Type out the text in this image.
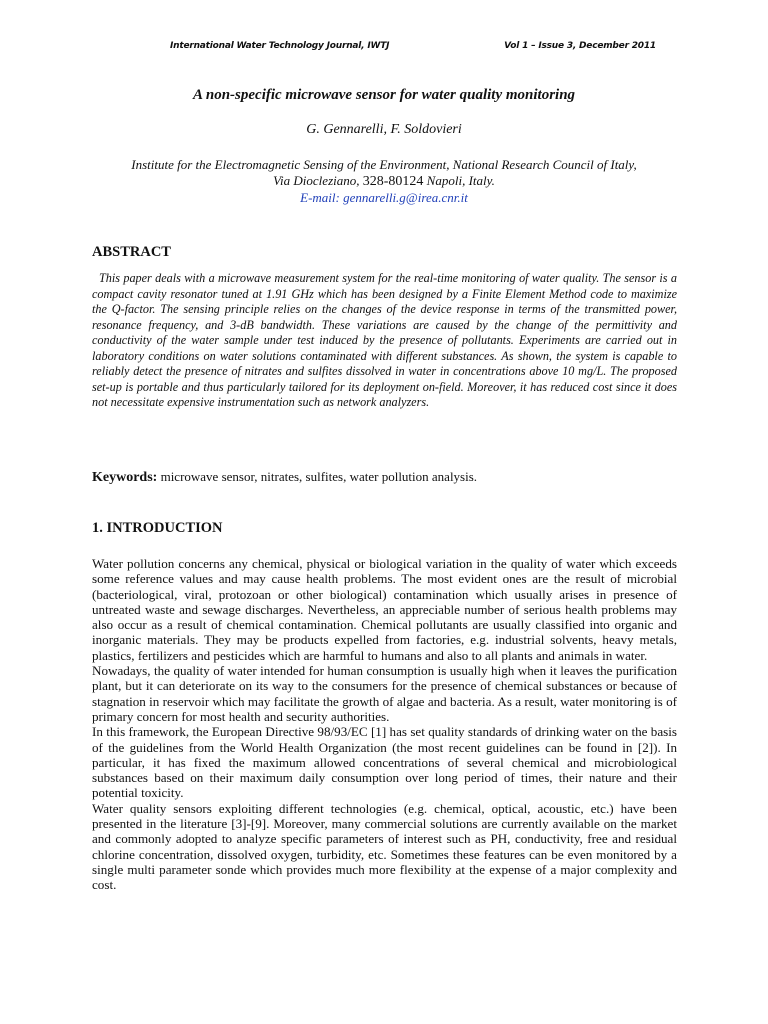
International Water Technology Journal, IWTJ	Vol 1 – Issue 3, December 2011
A non-specific microwave sensor for water quality monitoring
G. Gennarelli, F. Soldovieri
Institute for the Electromagnetic Sensing of the Environment, National Research Council of Italy,
Via Diocleziano, 328-80124 Napoli, Italy.
E-mail: gennarelli.g@irea.cnr.it
ABSTRACT
This paper deals with a microwave measurement system for the real-time monitoring of water quality. The sensor is a compact cavity resonator tuned at 1.91 GHz which has been designed by a Finite Element Method code to maximize the Q-factor. The sensing principle relies on the changes of the device response in terms of the transmitted power, resonance frequency, and 3-dB bandwidth. These variations are caused by the change of the permittivity and conductivity of the water sample under test induced by the presence of pollutants. Experiments are carried out in laboratory conditions on water solutions contaminated with different substances. As shown, the system is capable to reliably detect the presence of nitrates and sulfites dissolved in water in concentrations above 10 mg/L. The proposed set-up is portable and thus particularly tailored for its deployment on-field. Moreover, it has reduced cost since it does not necessitate expensive instrumentation such as network analyzers.
Keywords: microwave sensor, nitrates, sulfites, water pollution analysis.
1. INTRODUCTION

Water pollution concerns any chemical, physical or biological variation in the quality of water which exceeds some reference values and may cause health problems. The most evident ones are the result of microbial (bacteriological, viral, protozoan or other biological) contamination which usually arises in presence of untreated waste and sewage discharges. Nevertheless, an appreciable number of serious health problems may also occur as a result of chemical contamination. Chemical pollutants are usually classified into organic and inorganic materials. They may be products expelled from factories, e.g. industrial solvents, heavy metals, plastics, fertilizers and pesticides which are harmful to humans and also to all plants and animals in water.

Nowadays, the quality of water intended for human consumption is usually high when it leaves the purification plant, but it can deteriorate on its way to the consumers for the presence of chemical substances or because of stagnation in reservoir which may facilitate the growth of algae and bacteria. As a result, water monitoring is of primary concern for most health and security authorities.

In this framework, the European Directive 98/93/EC [1] has set quality standards of drinking water on the basis of the guidelines from the World Health Organization (the most recent guidelines can be found in [2]). In particular, it has fixed the maximum allowed concentrations of several chemical and microbiological substances based on their maximum daily consumption over long period of times, their nature and their potential toxicity.

Water quality sensors exploiting different technologies (e.g. chemical, optical, acoustic, etc.) have been presented in the literature [3]-[9]. Moreover, many commercial solutions are currently available on the market and commonly adopted to analyze specific parameters of interest such as PH, conductivity, free and residual chlorine concentration, dissolved oxygen, turbidity, etc. Sometimes these features can be even monitored by a single multi parameter sonde which provides much more flexibility at the expense of a major complexity and cost.
